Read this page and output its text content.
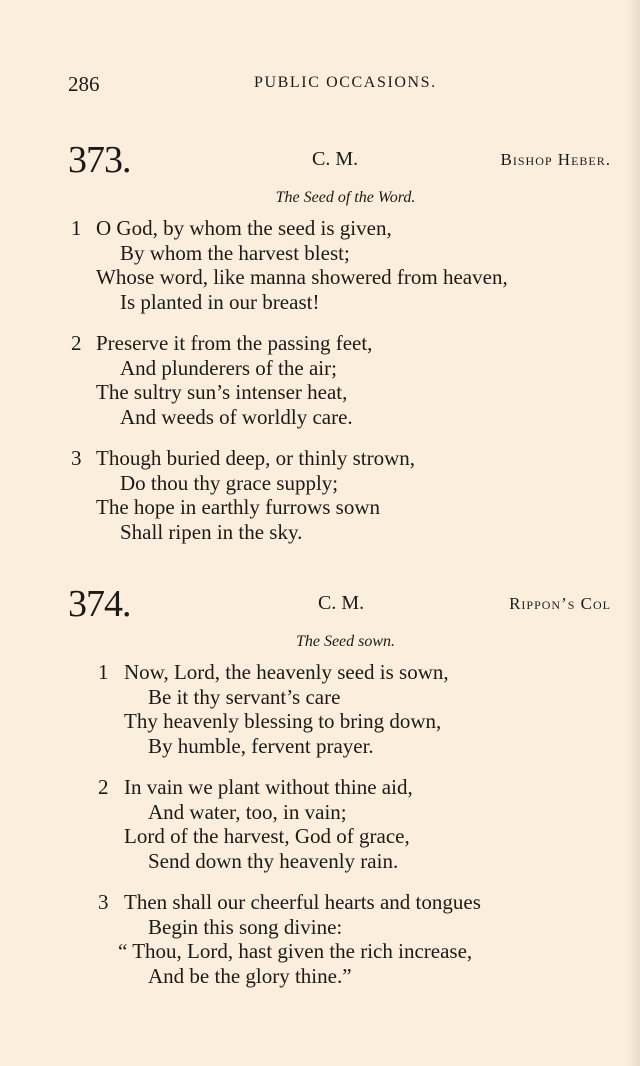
286	PUBLIC OCCASIONS.
373.	C. M.	Bishop Heber.
The Seed of the Word.
1 O God, by whom the seed is given,
By whom the harvest blest;
Whose word, like manna showered from heaven,
Is planted in our breast!
2 Preserve it from the passing feet,
And plunderers of the air;
The sultry sun’s intenser heat,
And weeds of worldly care.
3 Though buried deep, or thinly strown,
Do thou thy grace supply;
The hope in earthly furrows sown
Shall ripen in the sky.
374.	C. M.	Rippon’s Col
The Seed sown.
1 Now, Lord, the heavenly seed is sown,
Be it thy servant’s care
Thy heavenly blessing to bring down,
By humble, fervent prayer.
2 In vain we plant without thine aid,
And water, too, in vain;
Lord of the harvest, God of grace,
Send down thy heavenly rain.
3 Then shall our cheerful hearts and tongues
Begin this song divine:
“ Thou, Lord, hast given the rich increase,
And be the glory thine.”
